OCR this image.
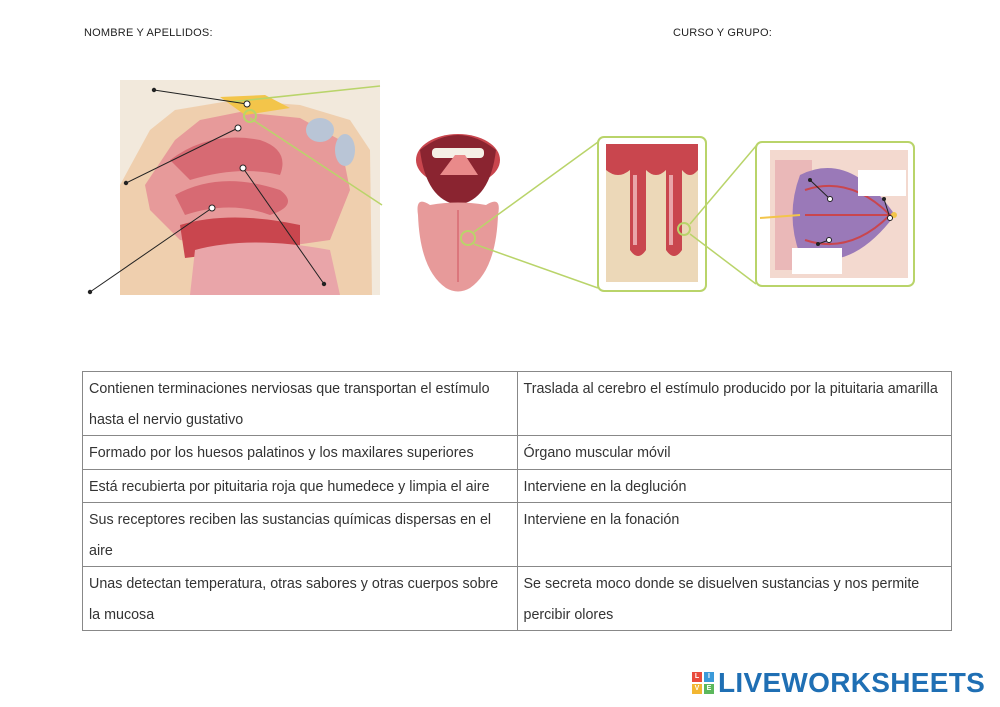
NOMBRE Y APELLIDOS:	CURSO Y GRUPO:
Contienen terminaciones nerviosas que transportan el estímulo hasta el nervio gustativo	Traslada al cerebro el estímulo producido por la pituitaria amarilla
Formado por los huesos palatinos y los maxilares superiores	Órgano muscular móvil
Está recubierta por pituitaria roja que humedece y limpia el aire	Interviene en la deglución
Sus receptores reciben las sustancias químicas dispersas en el aire	Interviene en la fonación
Unas detectan temperatura, otras sabores y otras cuerpos sobre la mucosa	Se secreta moco donde se disuelven sustancias y nos permite percibir olores
L	I
V	E LIVEWORKSHEETS
